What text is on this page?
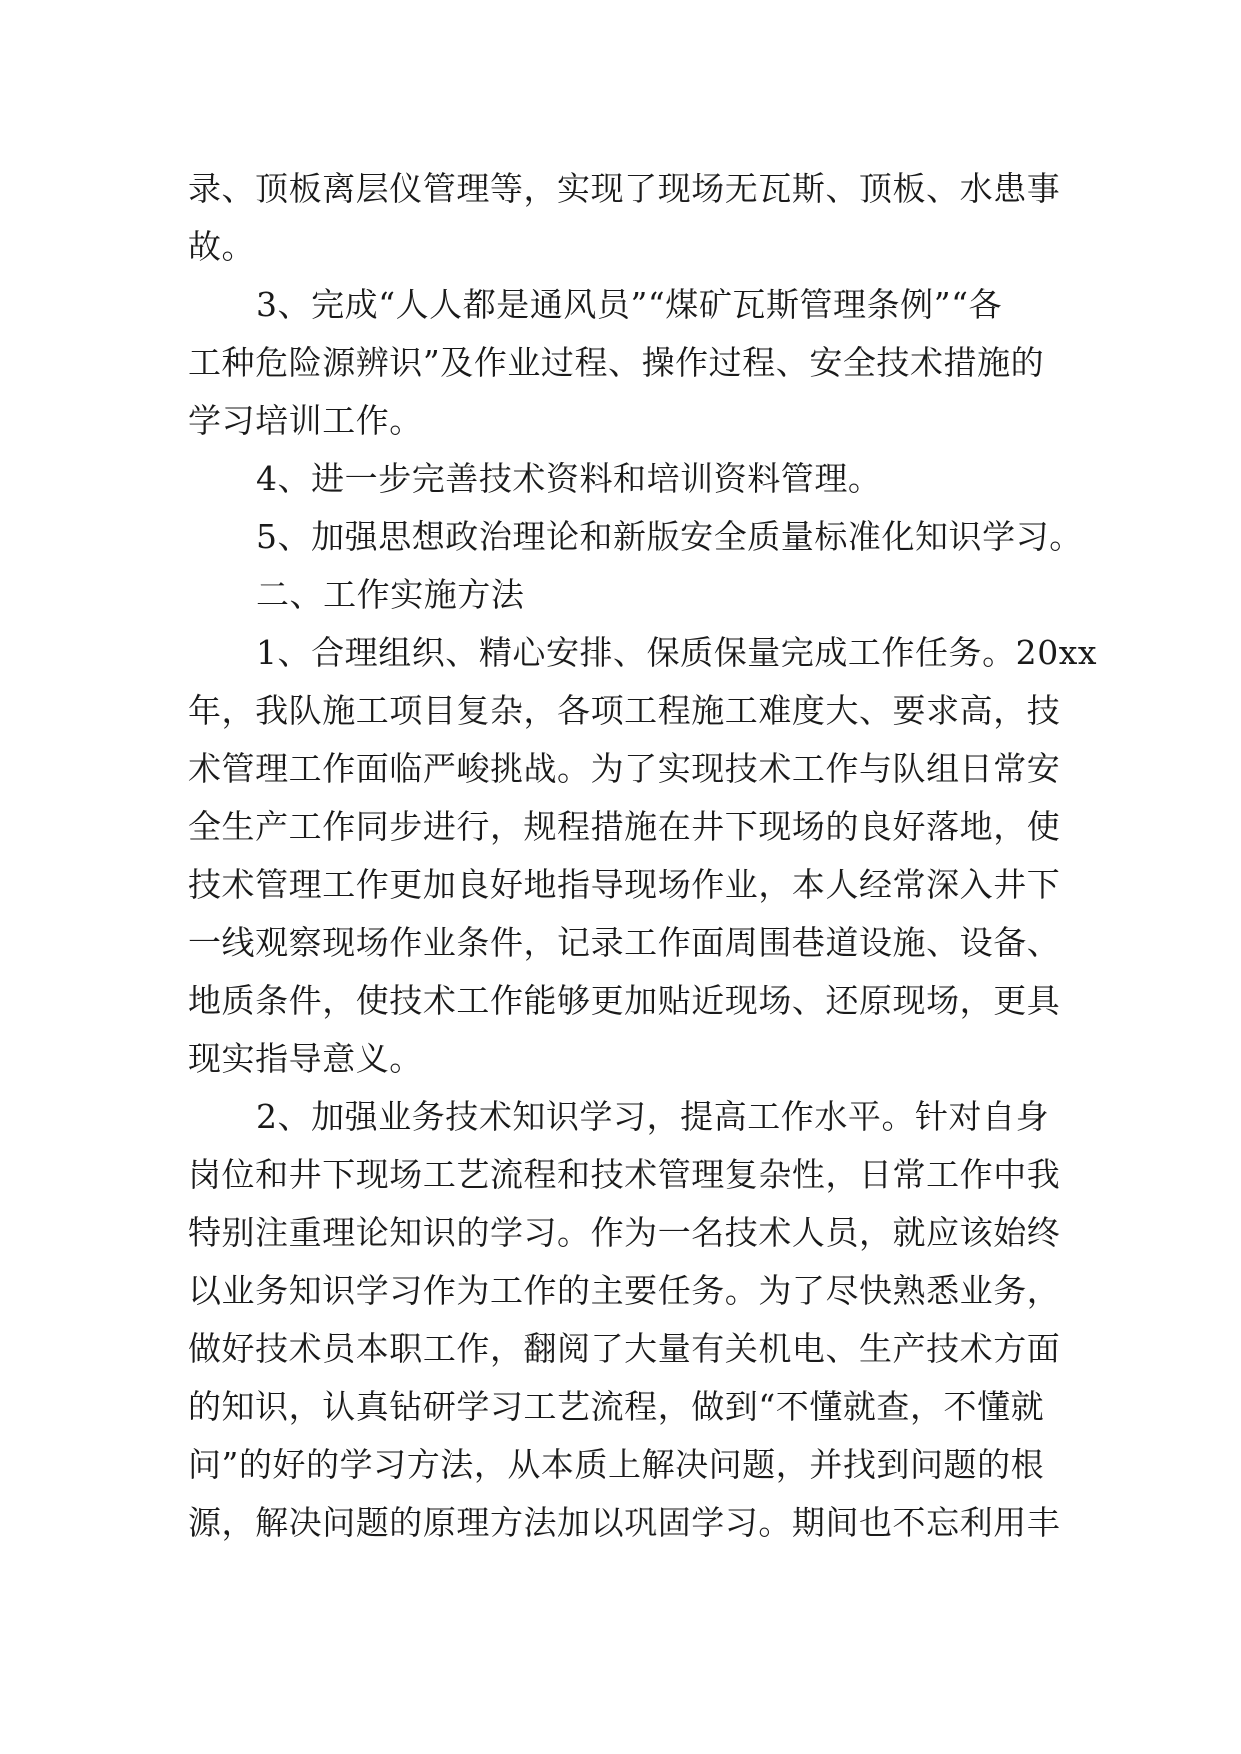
录、顶板离层仪管理等，实现了现场无瓦斯、顶板、水患事
故。
3、完成“人人都是通风员”“煤矿瓦斯管理条例”“各
工种危险源辨识”及作业过程、操作过程、安全技术措施的
学习培训工作。
4、进一步完善技术资料和培训资料管理。
5、加强思想政治理论和新版安全质量标准化知识学习。
二、工作实施方法
1、合理组织、精心安排、保质保量完成工作任务。20xx
年，我队施工项目复杂，各项工程施工难度大、要求高，技
术管理工作面临严峻挑战。为了实现技术工作与队组日常安
全生产工作同步进行，规程措施在井下现场的良好落地，使
技术管理工作更加良好地指导现场作业，本人经常深入井下
一线观察现场作业条件，记录工作面周围巷道设施、设备、
地质条件，使技术工作能够更加贴近现场、还原现场，更具
现实指导意义。
2、加强业务技术知识学习，提高工作水平。针对自身
岗位和井下现场工艺流程和技术管理复杂性，日常工作中我
特别注重理论知识的学习。作为一名技术人员，就应该始终
以业务知识学习作为工作的主要任务。为了尽快熟悉业务，
做好技术员本职工作，翻阅了大量有关机电、生产技术方面
的知识，认真钻研学习工艺流程，做到“不懂就查，不懂就
问”的好的学习方法，从本质上解决问题，并找到问题的根
源，解决问题的原理方法加以巩固学习。期间也不忘利用丰
